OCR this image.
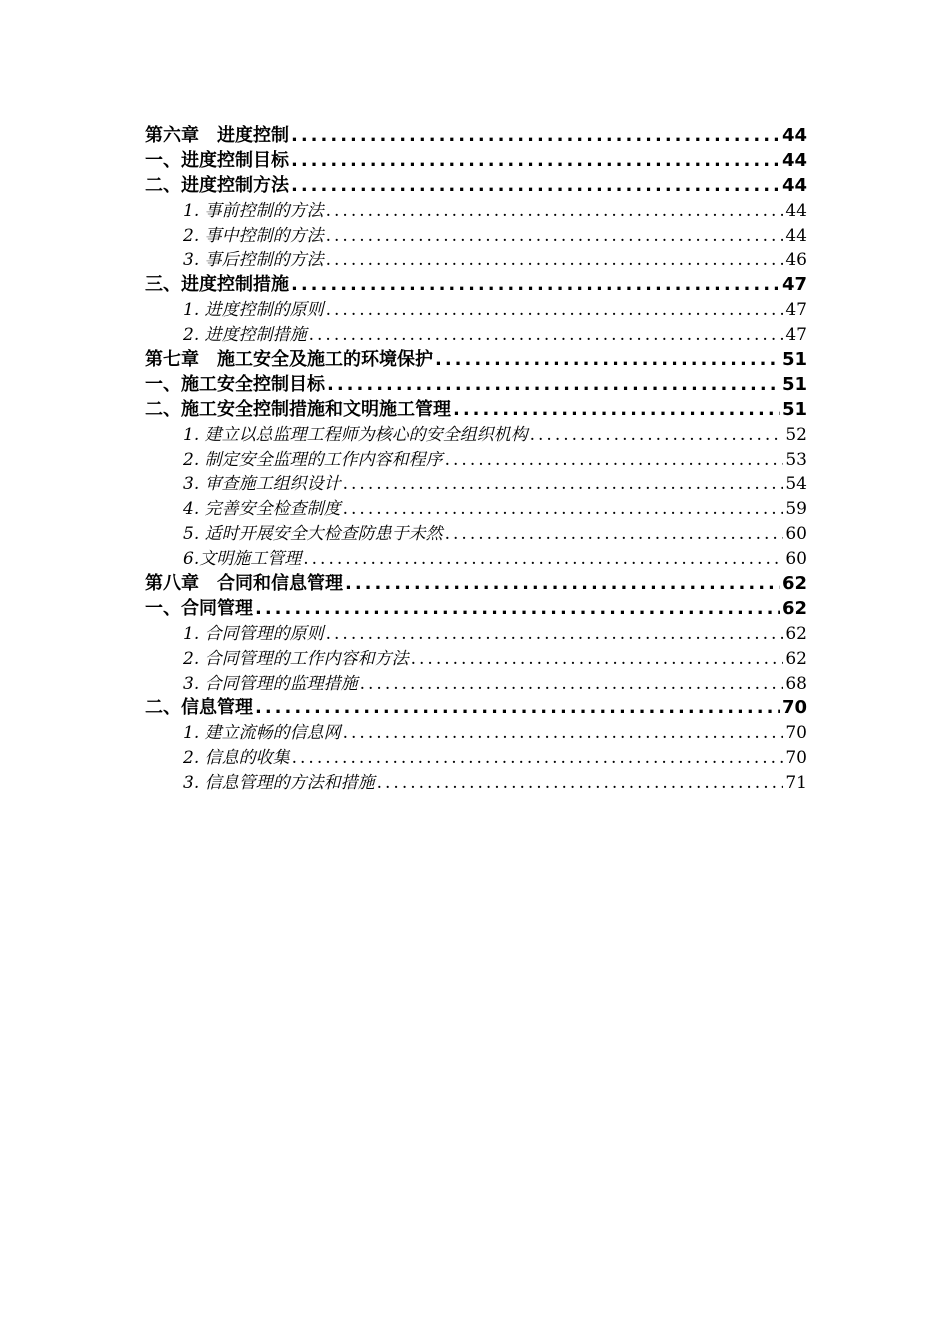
第六章　进度控制 .....	44
一、进度控制目标 .....	44
二、进度控制方法 .....	44
1. 事前控制的方法 .....	44
2. 事中控制的方法 .....	44
3. 事后控制的方法 .....	46
三、进度控制措施 .....	47
1. 进度控制的原则 .....	47
2. 进度控制措施 .....	47
第七章　施工安全及施工的环境保护 .....	51
一、施工安全控制目标 .....	51
二、施工安全控制措施和文明施工管理 .....	51
1. 建立以总监理工程师为核心的安全组织机构 .....	52
2. 制定安全监理的工作内容和程序 .....	53
3. 审查施工组织设计 .....	54
4. 完善安全检查制度 .....	59
5. 适时开展安全大检查防患于未然 .....	60
6.文明施工管理 .....	60
第八章　合同和信息管理 .....	62
一、合同管理 .....	62
1. 合同管理的原则 .....	62
2. 合同管理的工作内容和方法 .....	62
3. 合同管理的监理措施 .....	68
二、信息管理 .....	70
1. 建立流畅的信息网 .....	70
2. 信息的收集 .....	70
3. 信息管理的方法和措施 .....	71
